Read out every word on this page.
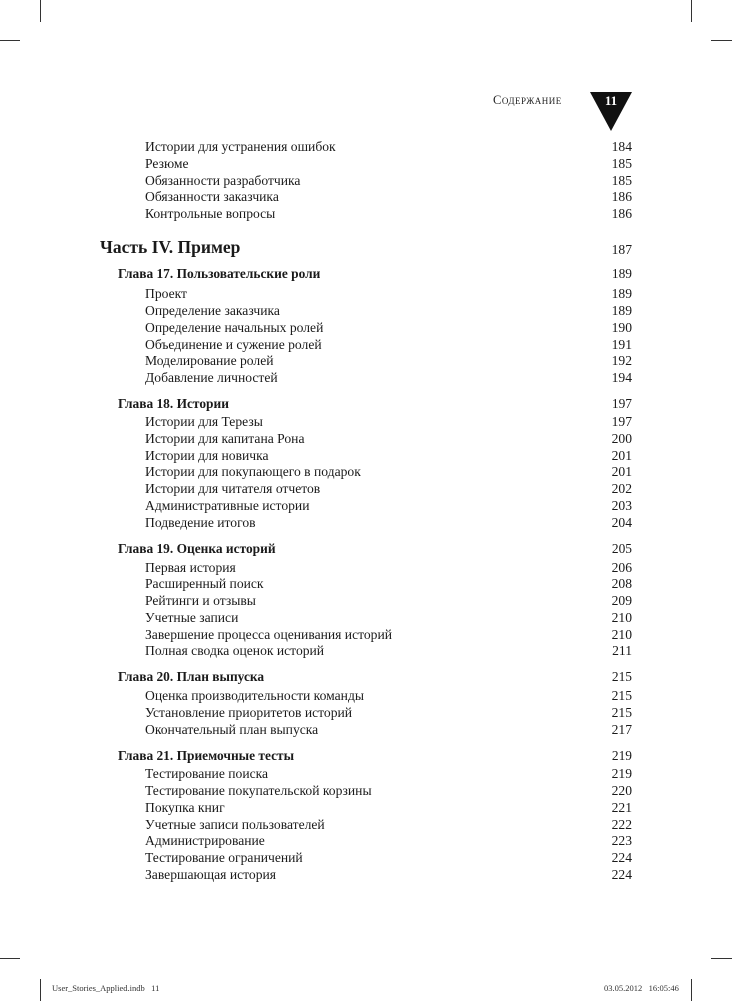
Содержание	11
Истории для устранения ошибок	184
Резюме	185
Обязанности разработчика	185
Обязанности заказчика	186
Контрольные вопросы	186
Часть IV. Пример	187
Глава 17. Пользовательские роли	189
Проект	189
Определение заказчика	189
Определение начальных ролей	190
Объединение и сужение ролей	191
Моделирование ролей	192
Добавление личностей	194
Глава 18. Истории	197
Истории для Терезы	197
Истории для капитана Рона	200
Истории для новичка	201
Истории для покупающего в подарок	201
Истории для читателя отчетов	202
Административные истории	203
Подведение итогов	204
Глава 19. Оценка историй	205
Первая история	206
Расширенный поиск	208
Рейтинги и отзывы	209
Учетные записи	210
Завершение процесса оценивания историй	210
Полная сводка оценок историй	211
Глава 20. План выпуска	215
Оценка производительности команды	215
Установление приоритетов историй	215
Окончательный план выпуска	217
Глава 21. Приемочные тесты	219
Тестирование поиска	219
Тестирование покупательской корзины	220
Покупка книг	221
Учетные записи пользователей	222
Администрирование	223
Тестирование ограничений	224
Завершающая история	224
User_Stories_Applied.indb   11	03.05.2012   16:05:46
